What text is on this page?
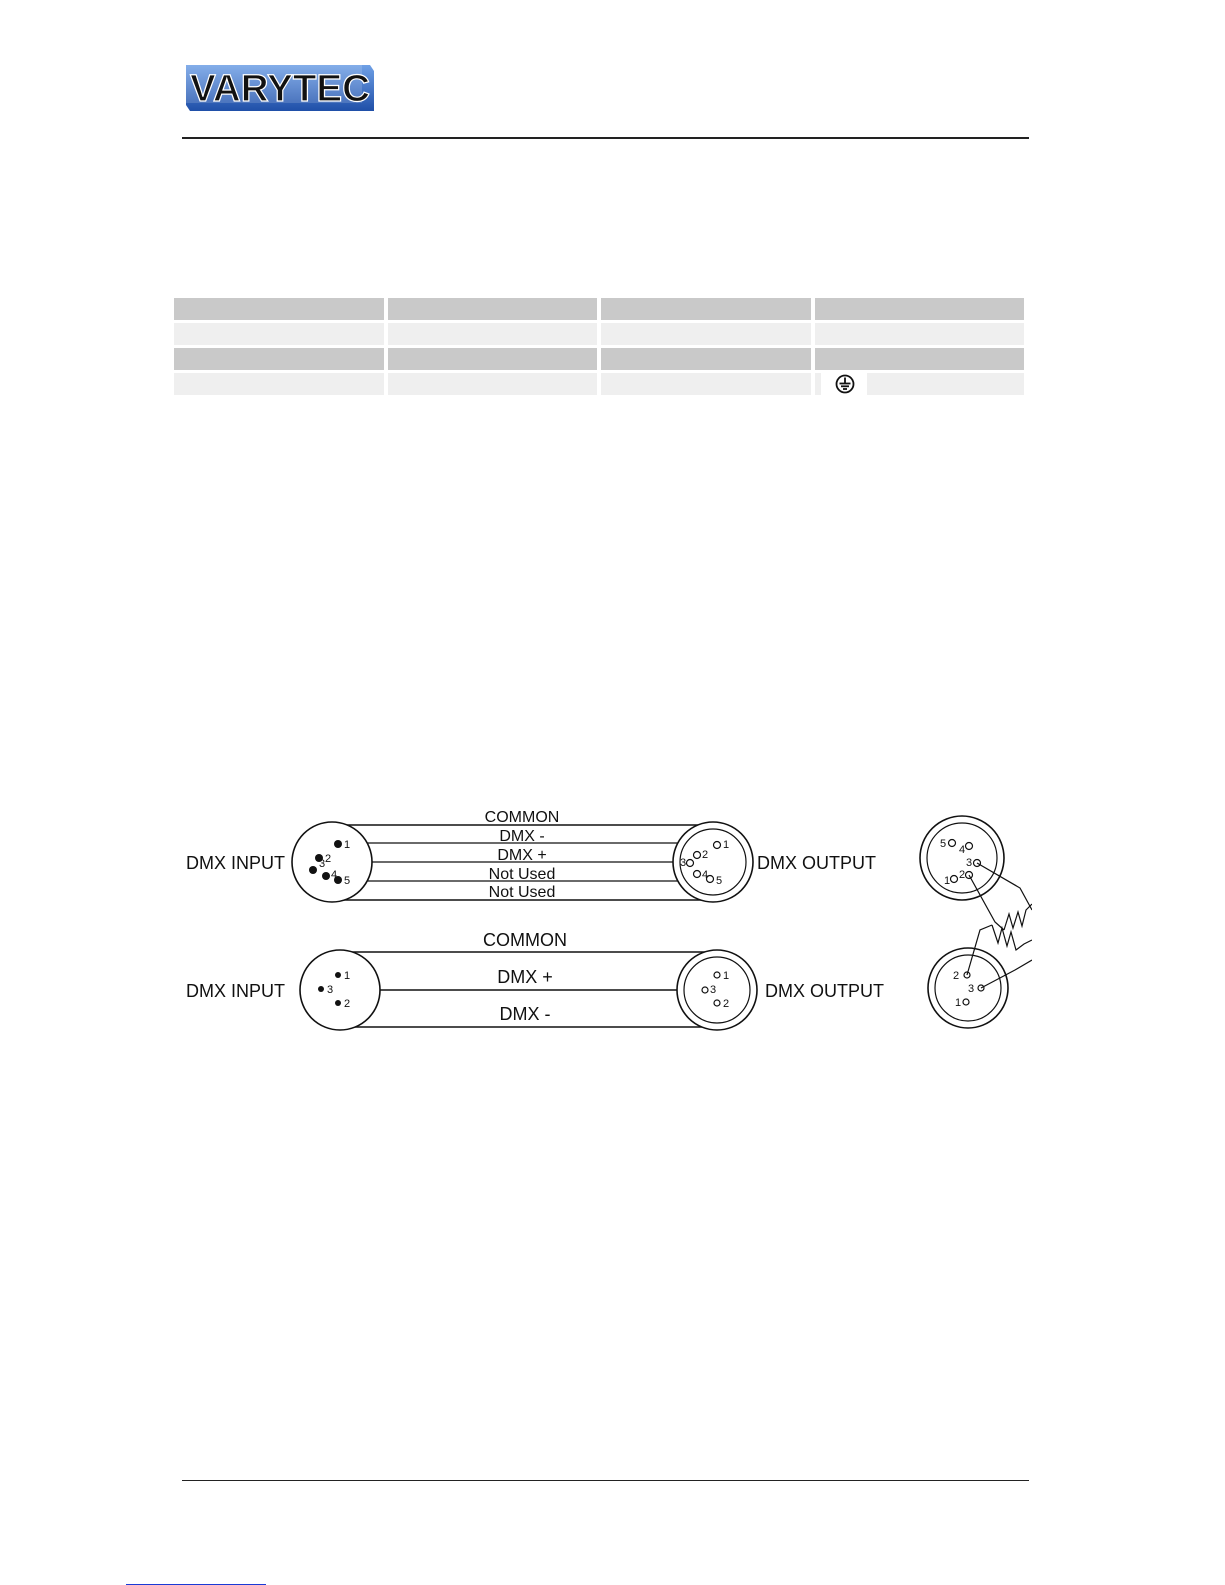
VARYTEC

1
2
3
4 5
1
2
3
4 5
COMMON
DMX -
DMX +
Not Used
Not Used
DMX INPUT	DMX OUTPUT
1
3
2
1
3
2
COMMON
DMX +
DMX -
DMX INPUT	DMX OUTPUT
5 4
3
2
1
2
3
1
